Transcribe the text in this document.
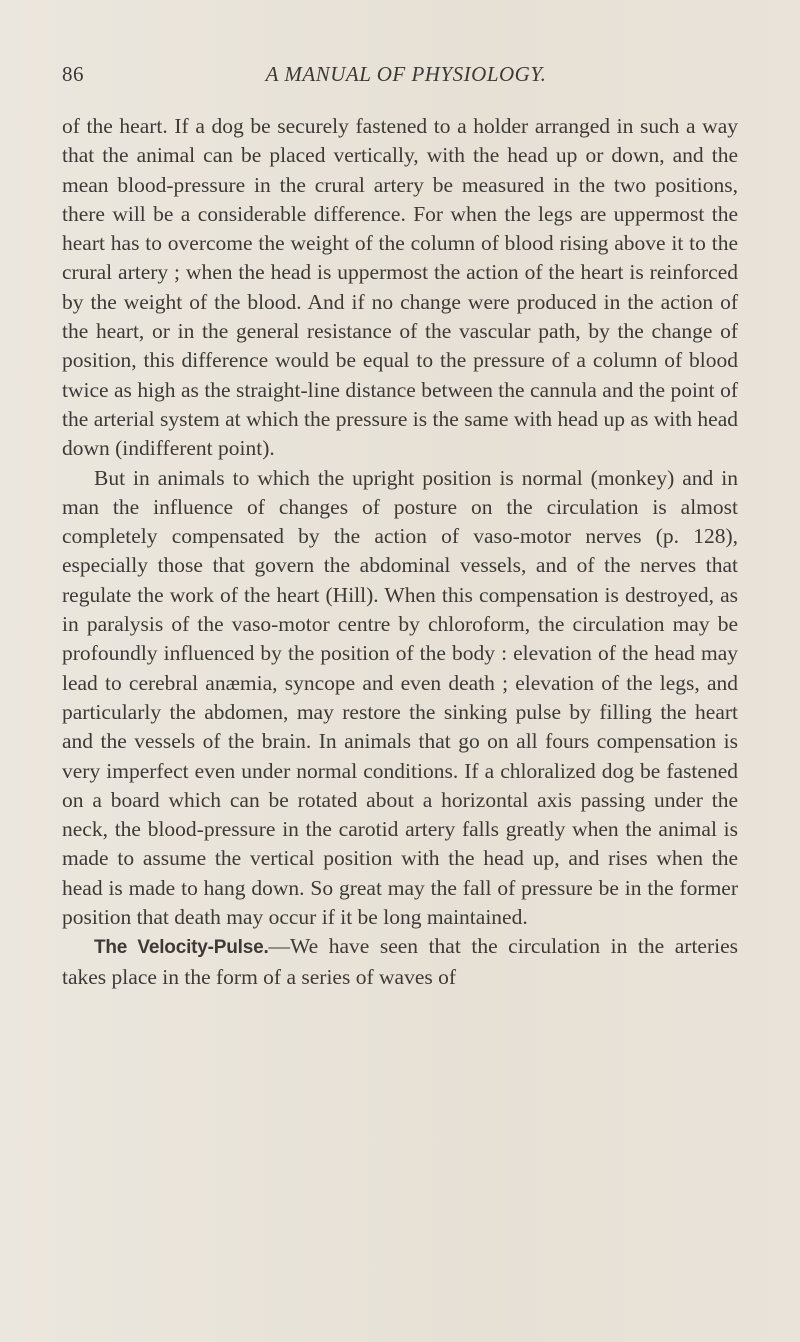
86	A MANUAL OF PHYSIOLOGY.

of the heart. If a dog be securely fastened to a holder arranged in such a way that the animal can be placed vertically, with the head up or down, and the mean blood-pressure in the crural artery be measured in the two positions, there will be a considerable difference. For when the legs are uppermost the heart has to overcome the weight of the column of blood rising above it to the crural artery ; when the head is uppermost the action of the heart is reinforced by the weight of the blood. And if no change were produced in the action of the heart, or in the general resistance of the vascular path, by the change of position, this difference would be equal to the pressure of a column of blood twice as high as the straight-line distance between the cannula and the point of the arterial system at which the pressure is the same with head up as with head down (indifferent point).

But in animals to which the upright position is normal (monkey) and in man the influence of changes of posture on the circulation is almost completely compensated by the action of vaso-motor nerves (p. 128), especially those that govern the abdominal vessels, and of the nerves that regulate the work of the heart (Hill). When this compensation is destroyed, as in paralysis of the vaso-motor centre by chloroform, the circulation may be profoundly influenced by the position of the body : elevation of the head may lead to cerebral anæmia, syncope and even death ; elevation of the legs, and particularly the abdomen, may restore the sinking pulse by filling the heart and the vessels of the brain. In animals that go on all fours compensation is very imperfect even under normal conditions. If a chloralized dog be fastened on a board which can be rotated about a horizontal axis passing under the neck, the blood-pressure in the carotid artery falls greatly when the animal is made to assume the vertical position with the head up, and rises when the head is made to hang down. So great may the fall of pressure be in the former position that death may occur if it be long maintained.

The Velocity-Pulse.—We have seen that the circulation in the arteries takes place in the form of a series of waves of
